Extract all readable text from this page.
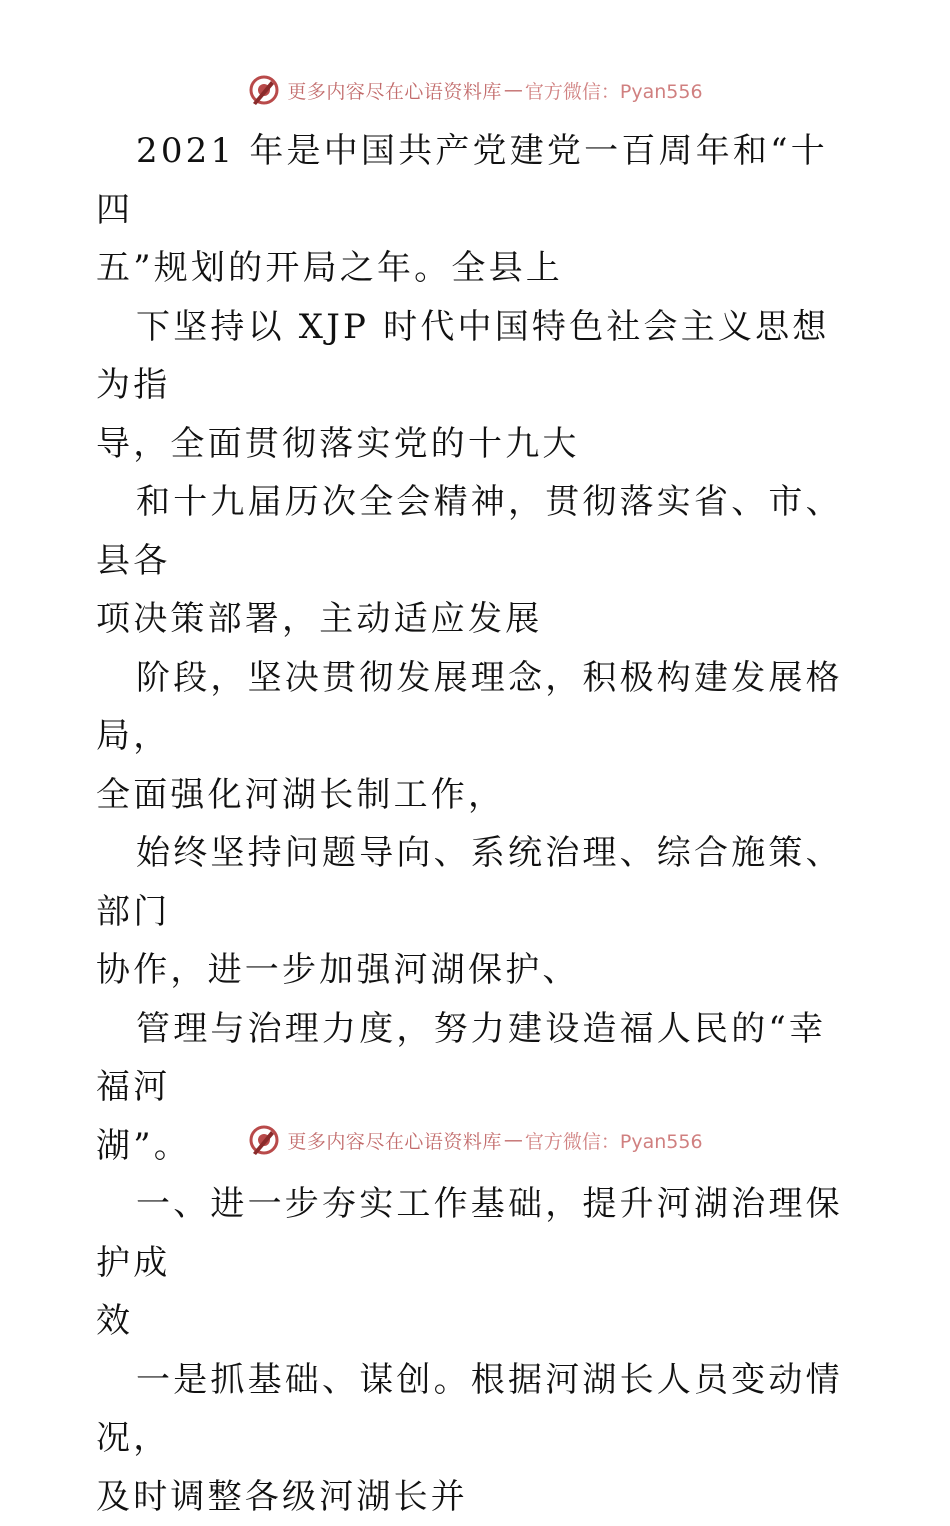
更多内容尽在心语资料库 — 官方微信：Pyan556

2021 年是中国共产党建党一百周年和“十四
五”规划的开局之年。全县上

下坚持以 XJP 时代中国特色社会主义思想为指
导，全面贯彻落实党的十九大

和十九届历次全会精神，贯彻落实省、市、县各
项决策部署，主动适应发展

阶段，坚决贯彻发展理念，积极构建发展格局，
全面强化河湖长制工作，

始终坚持问题导向、系统治理、综合施策、部门
协作，进一步加强河湖保护、

管理与治理力度，努力建设造福人民的“幸福河
湖”。

一、进一步夯实工作基础，提升河湖治理保护成
效

一是抓基础、谋创。根据河湖长人员变动情况，
及时调整各级河湖长并

更多内容尽在心语资料库 — 官方微信：Pyan556
